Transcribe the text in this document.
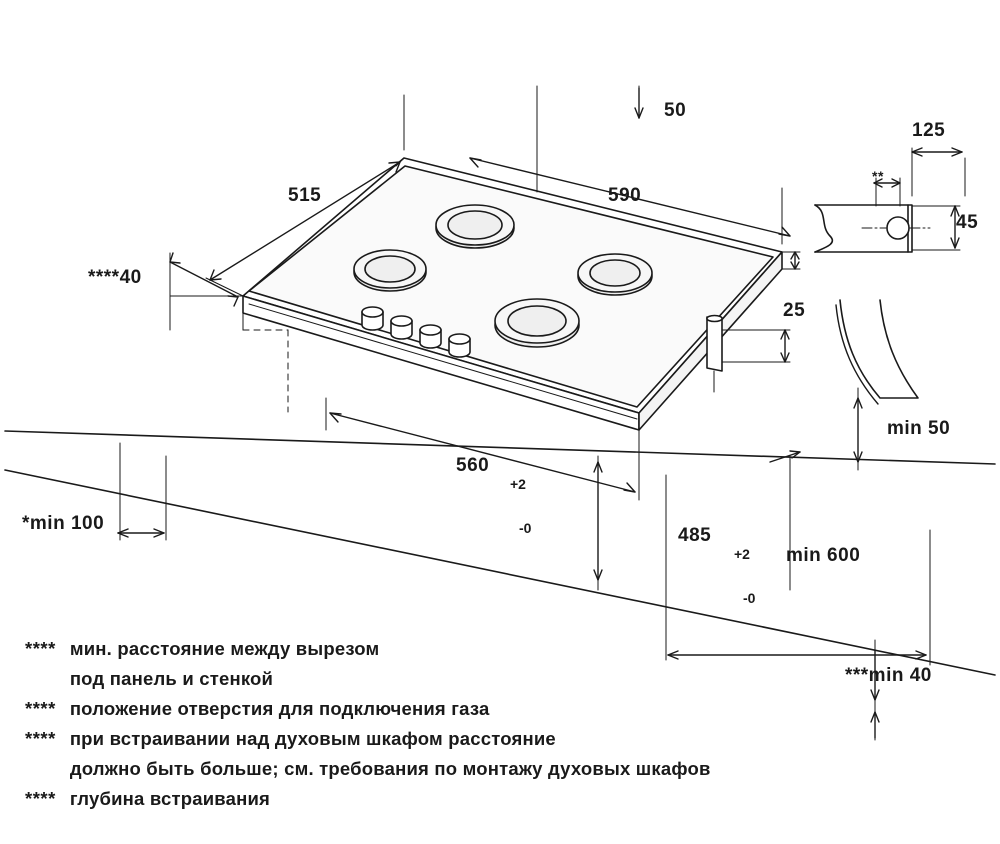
515
50
590
****40
25
560

+2

-0

	485

+2

-0

*min 100
min 600
min 50
***min 40
125
45
**
**** мин. расстояние между вырезом
под панель и стенкой
**** положение отверстия для подключения газа
**** при встраивании над духовым шкафом расстояние
должно быть больше; см. требования по монтажу духовых шкафов
**** глубина встраивания
